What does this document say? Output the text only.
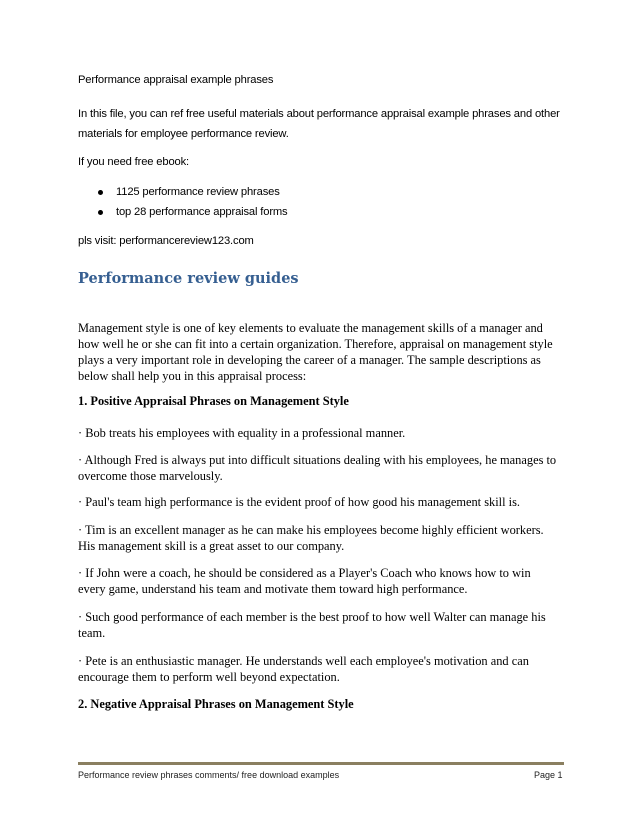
Performance appraisal example phrases
In this file, you can ref free useful materials about performance appraisal example phrases and other
materials for employee performance review.
If you need free ebook:
1125 performance review phrases
top 28 performance appraisal forms
pls visit: performancereview123.com
Performance review guides
Management style is one of key elements to evaluate the management skills of a manager and
how well he or she can fit into a certain organization. Therefore, appraisal on management style
plays a very important role in developing the career of a manager. The sample descriptions as
below shall help you in this appraisal process:
1. Positive Appraisal Phrases on Management Style
· Bob treats his employees with equality in a professional manner.
· Although Fred is always put into difficult situations dealing with his employees, he manages to
overcome those marvelously.
· Paul's team high performance is the evident proof of how good his management skill is.
· Tim is an excellent manager as he can make his employees become highly efficient workers.
His management skill is a great asset to our company.
· If John were a coach, he should be considered as a Player's Coach who knows how to win
every game, understand his team and motivate them toward high performance.
· Such good performance of each member is the best proof to how well Walter can manage his
team.
· Pete is an enthusiastic manager. He understands well each employee's motivation and can
encourage them to perform well beyond expectation.
2. Negative Appraisal Phrases on Management Style
Performance review phrases comments/ free download examples	Page 1
